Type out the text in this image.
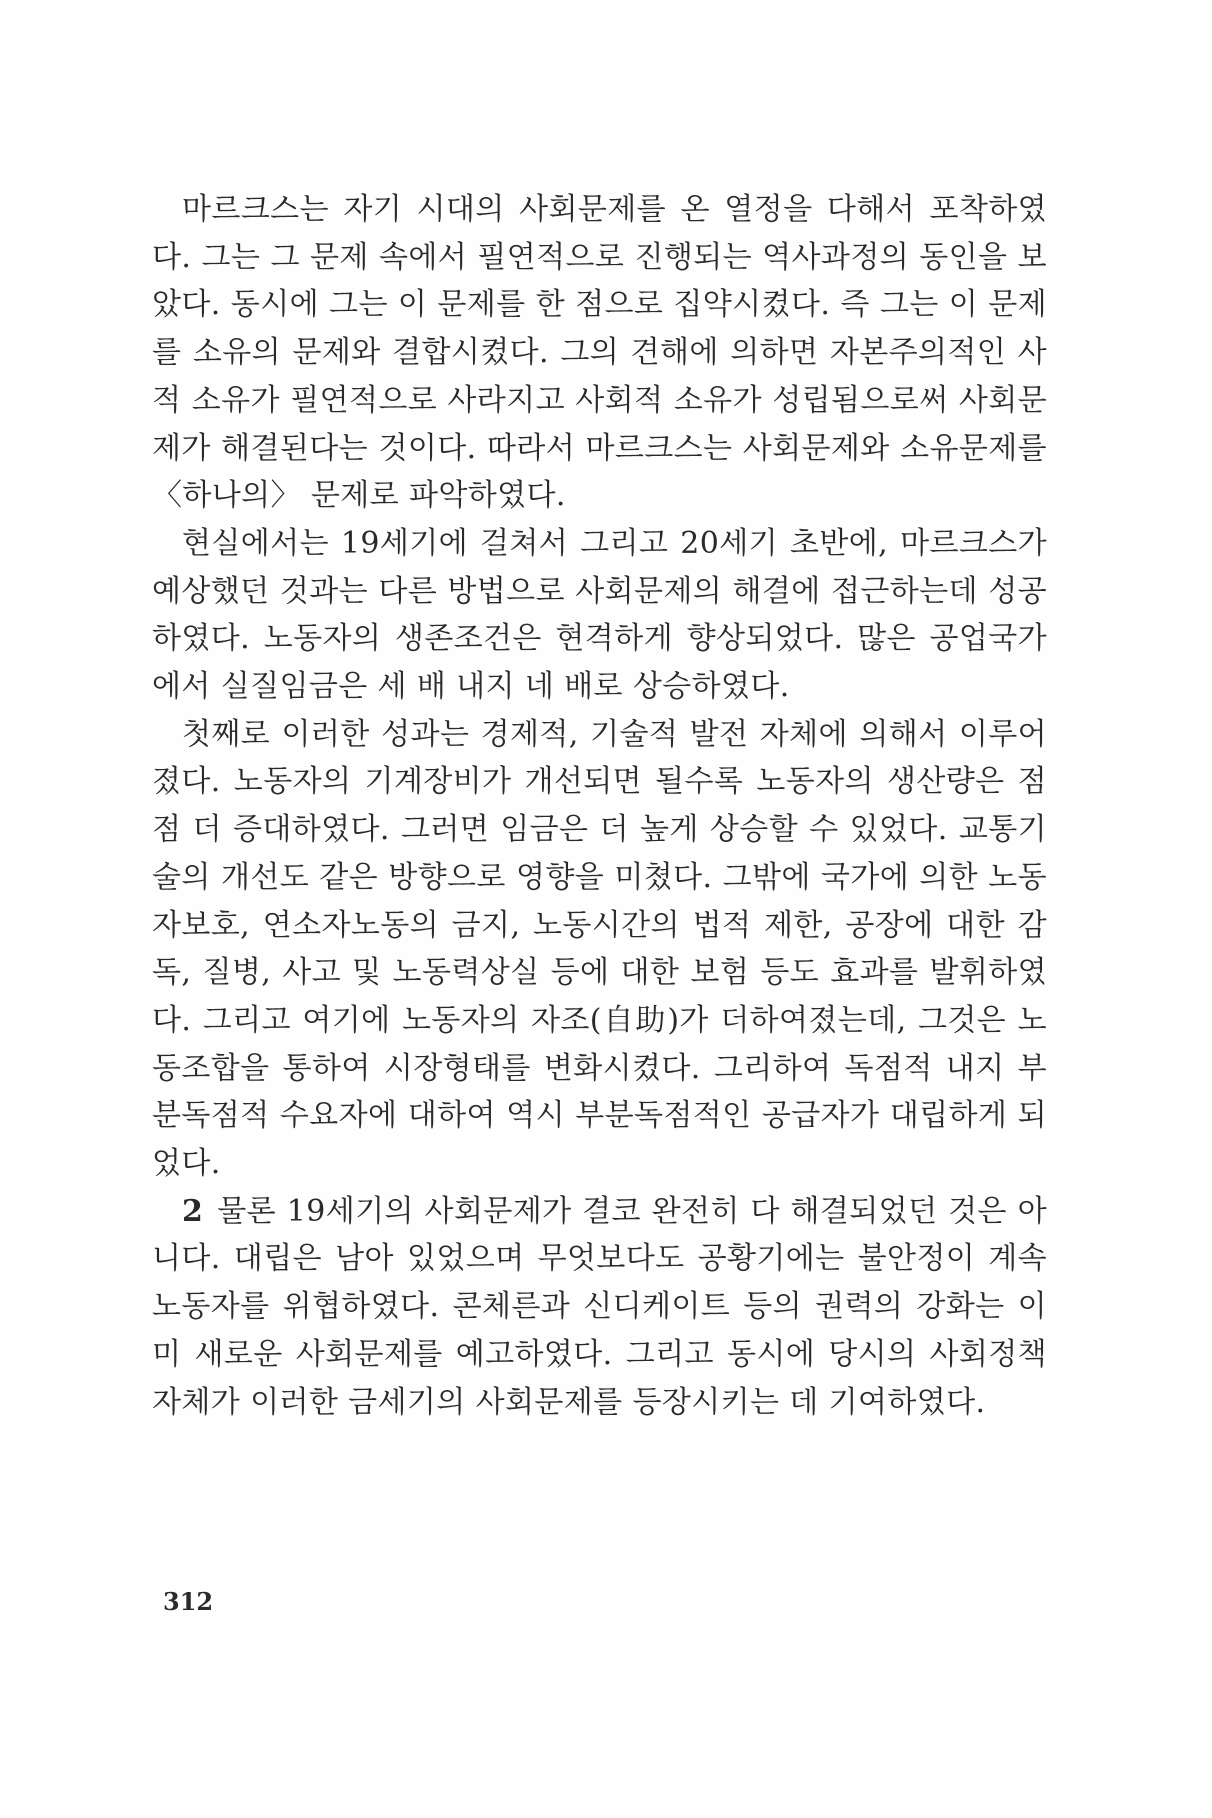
마르크스는 자기 시대의 사회문제를 온 열정을 다해서 포착하였다. 그는 그 문제 속에서 필연적으로 진행되는 역사과정의 동인을 보았다. 동시에 그는 이 문제를 한 점으로 집약시켰다. 즉 그는 이 문제를 소유의 문제와 결합시켰다. 그의 견해에 의하면 자본주의적인 사적 소유가 필연적으로 사라지고 사회적 소유가 성립됨으로써 사회문제가 해결된다는 것이다. 따라서 마르크스는 사회문제와 소유문제를 〈하나의〉 문제로 파악하였다.

현실에서는 19세기에 걸쳐서 그리고 20세기 초반에, 마르크스가 예상했던 것과는 다른 방법으로 사회문제의 해결에 접근하는데 성공하였다. 노동자의 생존조건은 현격하게 향상되었다. 많은 공업국가에서 실질임금은 세 배 내지 네 배로 상승하였다.

첫째로 이러한 성과는 경제적, 기술적 발전 자체에 의해서 이루어졌다. 노동자의 기계장비가 개선되면 될수록 노동자의 생산량은 점점 더 증대하였다. 그러면 임금은 더 높게 상승할 수 있었다. 교통기술의 개선도 같은 방향으로 영향을 미쳤다. 그밖에 국가에 의한 노동자보호, 연소자노동의 금지, 노동시간의 법적 제한, 공장에 대한 감독, 질병, 사고 및 노동력상실 등에 대한 보험 등도 효과를 발휘하였다. 그리고 여기에 노동자의 자조(自助)가 더하여졌는데, 그것은 노동조합을 통하여 시장형태를 변화시켰다. 그리하여 독점적 내지 부분독점적 수요자에 대하여 역시 부분독점적인 공급자가 대립하게 되었다.

2 물론 19세기의 사회문제가 결코 완전히 다 해결되었던 것은 아니다. 대립은 남아 있었으며 무엇보다도 공황기에는 불안정이 계속 노동자를 위협하였다. 콘체른과 신디케이트 등의 권력의 강화는 이미 새로운 사회문제를 예고하였다. 그리고 동시에 당시의 사회정책 자체가 이러한 금세기의 사회문제를 등장시키는 데 기여하였다.

312
